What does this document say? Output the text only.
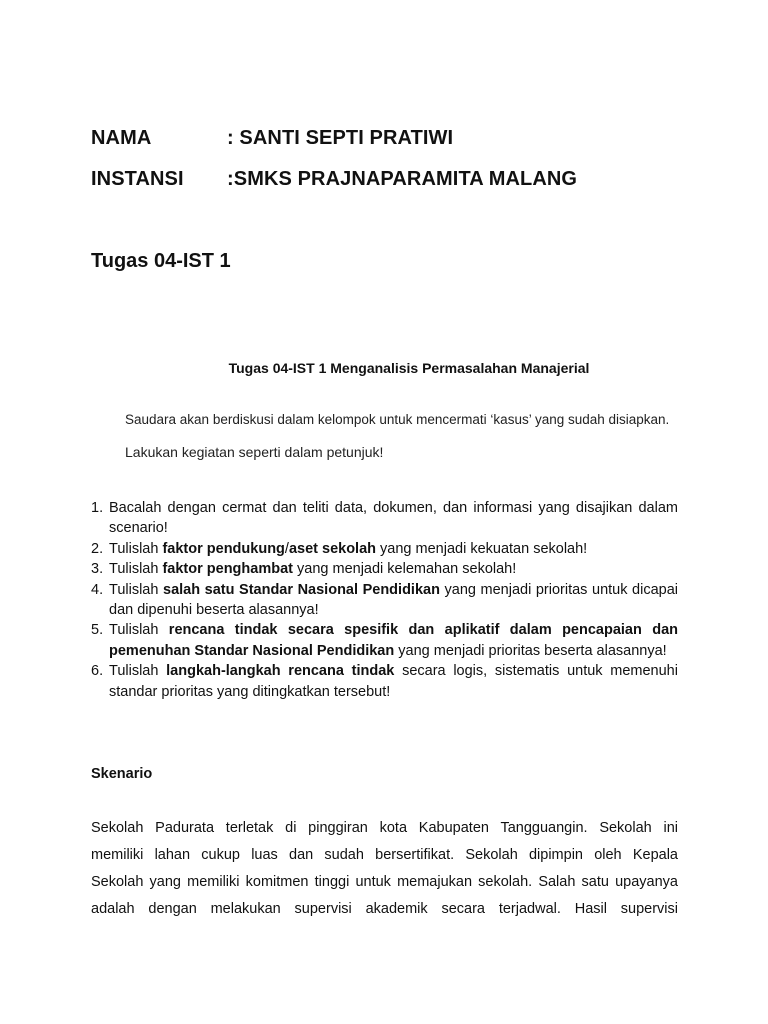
NAMA	: SANTI SEPTI PRATIWI
INSTANSI :SMKS PRAJNAPARAMITA MALANG
Tugas 04-IST 1
Tugas 04-IST 1 Menganalisis Permasalahan Manajerial
Saudara akan berdiskusi dalam kelompok untuk mencermati ‘kasus’ yang sudah disiapkan.
Lakukan kegiatan seperti dalam petunjuk!
1. Bacalah dengan cermat dan teliti data, dokumen, dan informasi yang disajikan dalam scenario!
2. Tulislah faktor pendukung/aset sekolah yang menjadi kekuatan sekolah!
3. Tulislah faktor penghambat yang menjadi kelemahan sekolah!
4. Tulislah salah satu Standar Nasional Pendidikan yang menjadi prioritas untuk dicapai dan dipenuhi beserta alasannya!
5. Tulislah rencana tindak secara spesifik dan aplikatif dalam pencapaian dan pemenuhan Standar Nasional Pendidikan yang menjadi prioritas beserta alasannya!
6. Tulislah langkah-langkah rencana tindak secara logis, sistematis untuk memenuhi standar prioritas yang ditingkatkan tersebut!
Skenario
Sekolah Padurata terletak di pinggiran kota Kabupaten Tangguangin. Sekolah ini
memiliki lahan cukup luas dan sudah bersertifikat. Sekolah dipimpin oleh Kepala
Sekolah yang memiliki komitmen tinggi untuk memajukan sekolah. Salah satu upayanya
adalah dengan melakukan supervisi akademik secara terjadwal. Hasil supervisi
